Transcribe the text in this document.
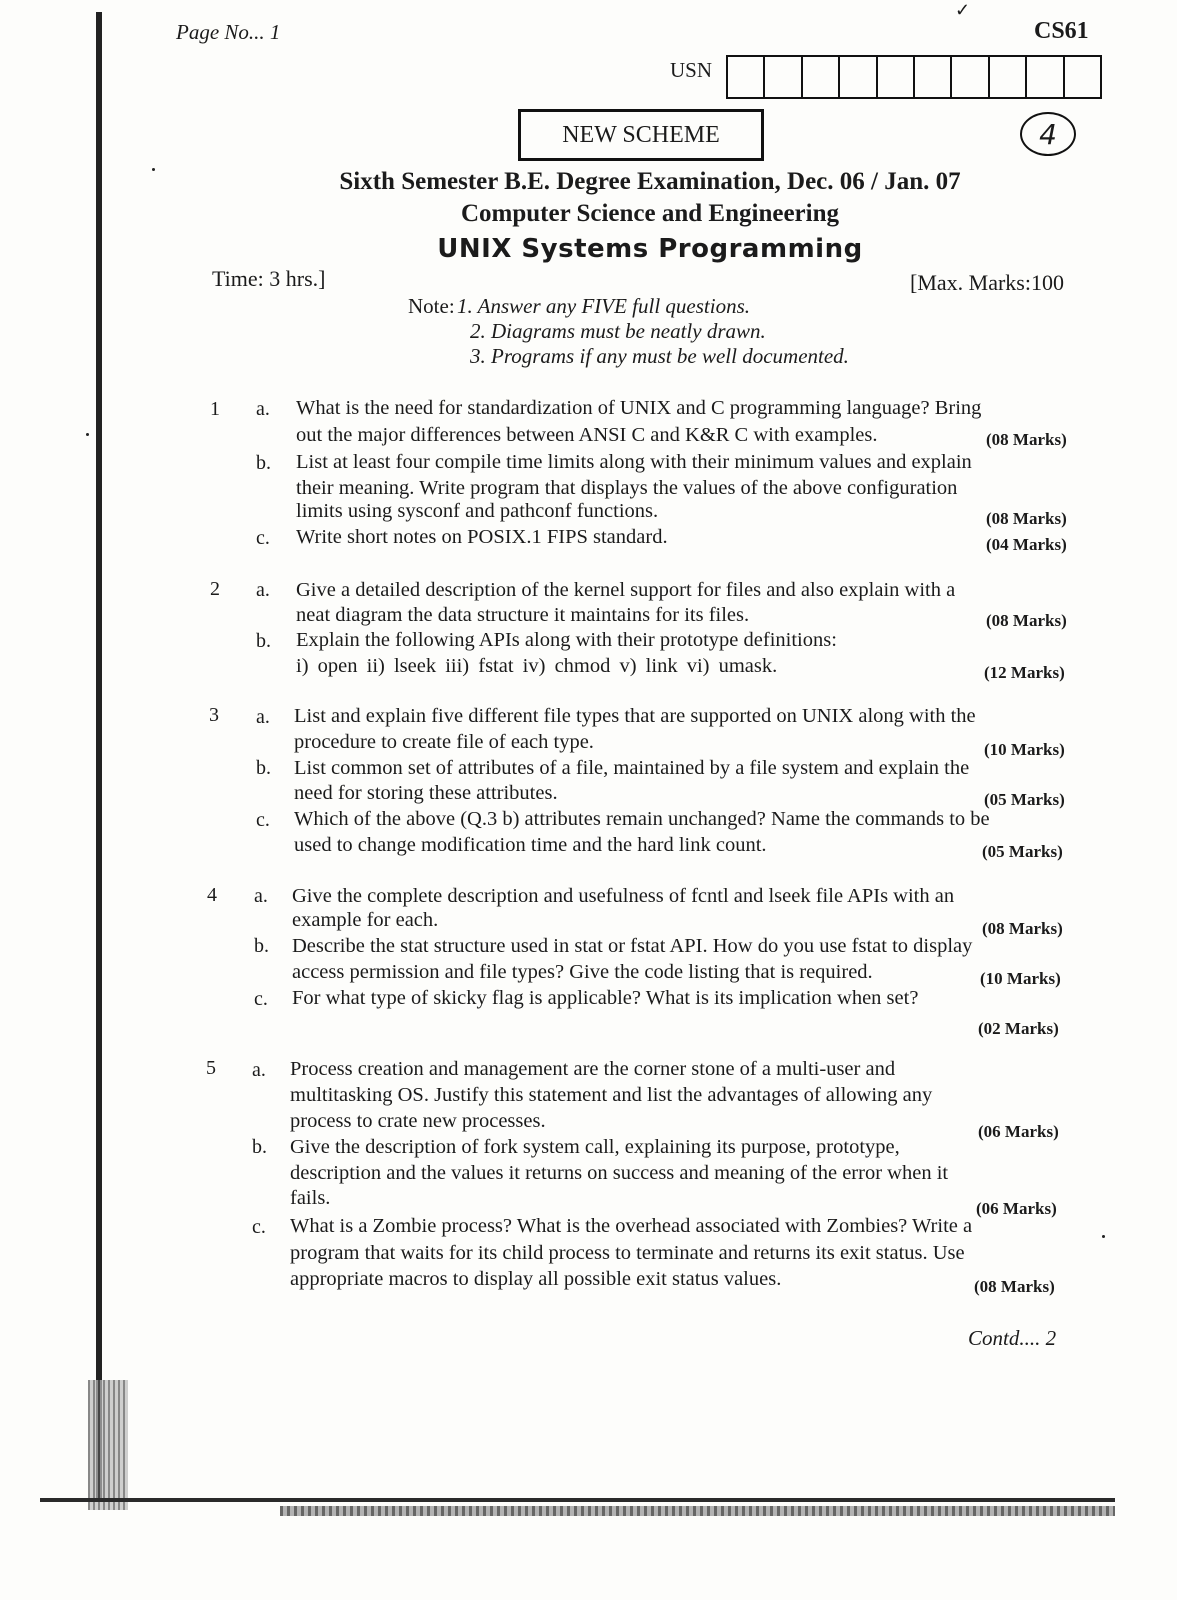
✓
Page No... 1	CS61
USN
NEW SCHEME	4
Sixth Semester B.E. Degree Examination, Dec. 06 / Jan. 07
Computer Science and Engineering
UNIX Systems Programming
Time: 3 hrs.]	[Max. Marks:100
Note: 1. Answer any FIVE full questions.
2. Diagrams must be neatly drawn.
3. Programs if any must be well documented.
1 a. What is the need for standardization of UNIX and C programming language? Bring
out the major differences between ANSI C and K&R C with examples.	(08 Marks)
b. List at least four compile time limits along with their minimum values and explain
their meaning. Write program that displays the values of the above configuration
limits using sysconf and pathconf functions.	(08 Marks)
c. Write short notes on POSIX.1 FIPS standard.	(04 Marks)
2 a. Give a detailed description of the kernel support for files and also explain with a
neat diagram the data structure it maintains for its files.	(08 Marks)
b. Explain the following APIs along with their prototype definitions:
i) open ii) lseek iii) fstat iv) chmod v) link vi) umask.	(12 Marks)
3 a. List and explain five different file types that are supported on UNIX along with the
procedure to create file of each type.	(10 Marks)
b. List common set of attributes of a file, maintained by a file system and explain the
need for storing these attributes.	(05 Marks)
c. Which of the above (Q.3 b) attributes remain unchanged? Name the commands to be
used to change modification time and the hard link count.	(05 Marks)
4 a. Give the complete description and usefulness of fcntl and lseek file APIs with an
example for each.	(08 Marks)
b. Describe the stat structure used in stat or fstat API. How do you use fstat to display
access permission and file types? Give the code listing that is required.	(10 Marks)
c. For what type of skicky flag is applicable? What is its implication when set?
(02 Marks)
5 a. Process creation and management are the corner stone of a multi-user and
multitasking OS. Justify this statement and list the advantages of allowing any
process to crate new processes.	(06 Marks)
b. Give the description of fork system call, explaining its purpose, prototype,
description and the values it returns on success and meaning of the error when it
fails.	(06 Marks)
c. What is a Zombie process? What is the overhead associated with Zombies? Write a
program that waits for its child process to terminate and returns its exit status. Use
appropriate macros to display all possible exit status values.	(08 Marks)
Contd.... 2
